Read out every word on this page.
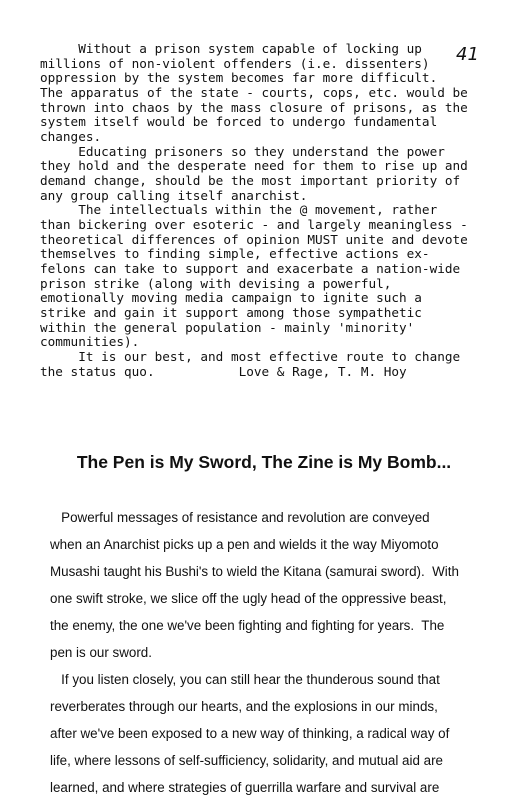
41
Without a prison system capable of locking up
millions of non-violent offenders (i.e. dissenters)
oppression by the system becomes far more difficult.
The apparatus of the state - courts, cops, etc. would be
thrown into chaos by the mass closure of prisons, as the
system itself would be forced to undergo fundamental
changes.
Educating prisoners so they understand the power
they hold and the desperate need for them to rise up and
demand change, should be the most important priority of
any group calling itself anarchist.
The intellectuals within the @ movement, rather
than bickering over esoteric - and largely meaningless -
theoretical differences of opinion MUST unite and devote
themselves to finding simple, effective actions ex-
felons can take to support and exacerbate a nation-wide
prison strike (along with devising a powerful,
emotionally moving media campaign to ignite such a
strike and gain it support among those sympathetic
within the general population - mainly 'minority'
communities).
It is our best, and most effective route to change
the status quo.           Love & Rage, T. M. Hoy
The Pen is My Sword, The Zine is My Bomb...
Powerful messages of resistance and revolution are conveyed
when an Anarchist picks up a pen and wields it the way Miyomoto
Musashi taught his Bushi's to wield the Kitana (samurai sword).  With
one swift stroke, we slice off the ugly head of the oppressive beast,
the enemy, the one we've been fighting and fighting for years.  The
pen is our sword.
If you listen closely, you can still hear the thunderous sound that
reverberates through our hearts, and the explosions in our minds,
after we've been exposed to a new way of thinking, a radical way of
life, where lessons of self-sufficiency, solidarity, and mutual aid are
learned, and where strategies of guerrilla warfare and survival are
